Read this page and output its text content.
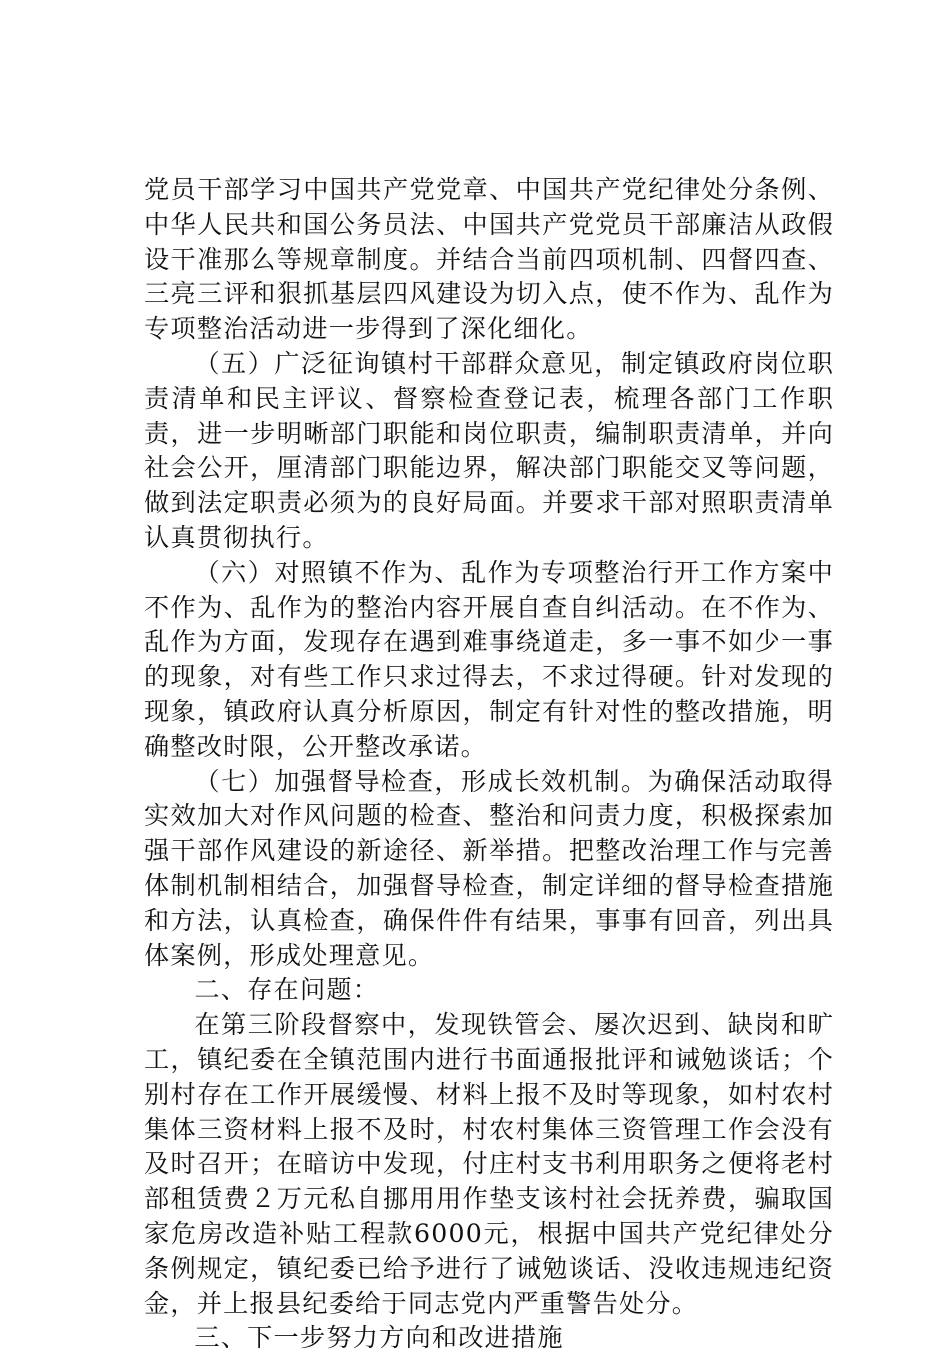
党员干部学习中国共产党党章、中国共产党纪律处分条例、中华人民共和国公务员法、中国共产党党员干部廉洁从政假设干准那么等规章制度。并结合当前四项机制、四督四查、三亮三评和狠抓基层四风建设为切入点，使不作为、乱作为专项整治活动进一步得到了深化细化。

（五）广泛征询镇村干部群众意见，制定镇政府岗位职责清单和民主评议、督察检查登记表，梳理各部门工作职责，进一步明晰部门职能和岗位职责，编制职责清单，并向社会公开，厘清部门职能边界，解决部门职能交叉等问题，做到法定职责必须为的良好局面。并要求干部对照职责清单认真贯彻执行。

（六）对照镇不作为、乱作为专项整治行开工作方案中不作为、乱作为的整治内容开展自查自纠活动。在不作为、乱作为方面，发现存在遇到难事绕道走，多一事不如少一事的现象，对有些工作只求过得去，不求过得硬。针对发现的现象，镇政府认真分析原因，制定有针对性的整改措施，明确整改时限，公开整改承诺。

（七）加强督导检查，形成长效机制。为确保活动取得实效加大对作风问题的检查、整治和问责力度，积极探索加强干部作风建设的新途径、新举措。把整改治理工作与完善体制机制相结合，加强督导检查，制定详细的督导检查措施和方法，认真检查，确保件件有结果，事事有回音，列出具体案例，形成处理意见。

二、存在问题：

在第三阶段督察中，发现铁管会、屡次迟到、缺岗和旷工，镇纪委在全镇范围内进行书面通报批评和诫勉谈话；个别村存在工作开展缓慢、材料上报不及时等现象，如村农村集体三资材料上报不及时，村农村集体三资管理工作会没有及时召开；在暗访中发现，付庄村支书利用职务之便将老村部租赁费２万元私自挪用用作垫支该村社会抚养费，骗取国家危房改造补贴工程款6000元，根据中国共产党纪律处分条例规定，镇纪委已给予进行了诫勉谈话、没收违规违纪资金，并上报县纪委给于同志党内严重警告处分。

三、下一步努力方向和改进措施
